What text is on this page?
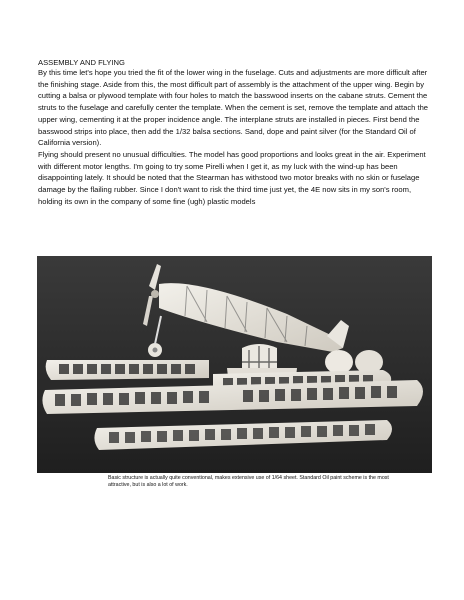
ASSEMBLY AND FLYING

By this time let's hope you tried the fit of the lower wing in the fuselage. Cuts and adjustments are more difficult after the finishing stage. Aside from this, the most difficult part of assembly is the attachment of the upper wing. Begin by cutting a balsa or plywood template with four holes to match the basswood inserts on the cabane struts. Cement the struts to the fuselage and carefully center the template. When the cement is set, remove the template and attach the upper wing, cementing it at the proper incidence angle. The interplane struts are installed in pieces. First bend the basswood strips into place, then add the 1/32 balsa sections. Sand, dope and paint silver (for the Standard Oil of California version).

Flying should present no unusual difficulties. The model has good proportions and looks great in the air. Experiment with different motor lengths. I'm going to try some Pirelli when I get it, as my luck with the wind-up has been disappointing lately. It should be noted that the Stearman has withstood two motor breaks with no skin or fuselage damage by the flailing rubber. Since I don't want to risk the third time just yet, the 4E now sits in my son's room, holding its own in the company of some fine (ugh) plastic models

Basic structure is actually quite conventional, makes extensive use of 1/64 sheet. Standard Oil paint scheme is the most attractive, but is also a lot of work.
